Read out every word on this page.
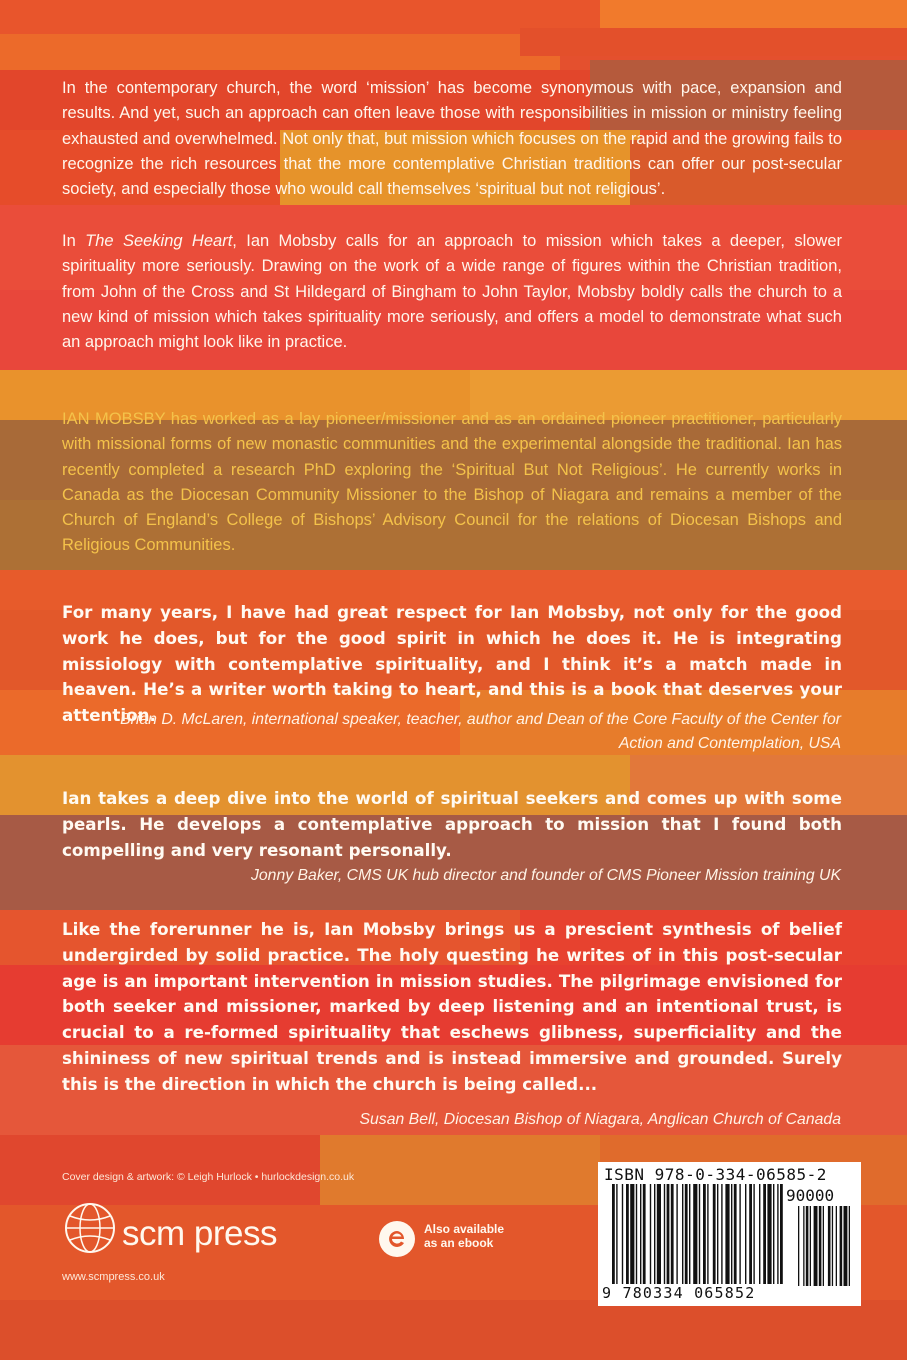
In the contemporary church, the word ‘mission’ has become synonymous with pace, expansion and results. And yet, such an approach can often leave those with responsibilities in mission or ministry feeling exhausted and overwhelmed. Not only that, but mission which focuses on the rapid and the growing fails to recognize the rich resources that the more contemplative Christian traditions can offer our post-secular society, and especially those who would call themselves ‘spiritual but not religious’.
In The Seeking Heart, Ian Mobsby calls for an approach to mission which takes a deeper, slower spirituality more seriously. Drawing on the work of a wide range of figures within the Christian tradition, from John of the Cross and St Hildegard of Bingham to John Taylor, Mobsby boldly calls the church to a new kind of mission which takes spirituality more seriously, and offers a model to demonstrate what such an approach might look like in practice.
IAN MOBSBY has worked as a lay pioneer/missioner and as an ordained pioneer practitioner, particularly with missional forms of new monastic communities and the experimental alongside the traditional. Ian has recently completed a research PhD exploring the ‘Spiritual But Not Religious’. He currently works in Canada as the Diocesan Community Missioner to the Bishop of Niagara and remains a member of the Church of England’s College of Bishops’ Advisory Council for the relations of Diocesan Bishops and Religious Communities.
For many years, I have had great respect for Ian Mobsby, not only for the good work he does, but for the good spirit in which he does it. He is integrating missiology with contemplative spirituality, and I think it’s a match made in heaven. He’s a writer worth taking to heart, and this is a book that deserves your attention.
Brian D. McLaren, international speaker, teacher, author and Dean of the Core Faculty of the Center for Action and Contemplation, USA
Ian takes a deep dive into the world of spiritual seekers and comes up with some pearls. He develops a contemplative approach to mission that I found both compelling and very resonant personally.
Jonny Baker, CMS UK hub director and founder of CMS Pioneer Mission training UK
Like the forerunner he is, Ian Mobsby brings us a prescient synthesis of belief undergirded by solid practice. The holy questing he writes of in this post-secular age is an important intervention in mission studies. The pilgrimage envisioned for both seeker and missioner, marked by deep listening and an intentional trust, is crucial to a re-formed spirituality that eschews glibness, superficiality and the shininess of new spiritual trends and is instead immersive and grounded. Surely this is the direction in which the church is being called...
Susan Bell, Diocesan Bishop of Niagara, Anglican Church of Canada
Cover design & artwork: © Leigh Hurlock • hurlockdesign.co.uk
scm press
www.scmpress.co.uk
Also available
as an ebook
ISBN 978-0-334-06585-2
90000
9 780334 065852
